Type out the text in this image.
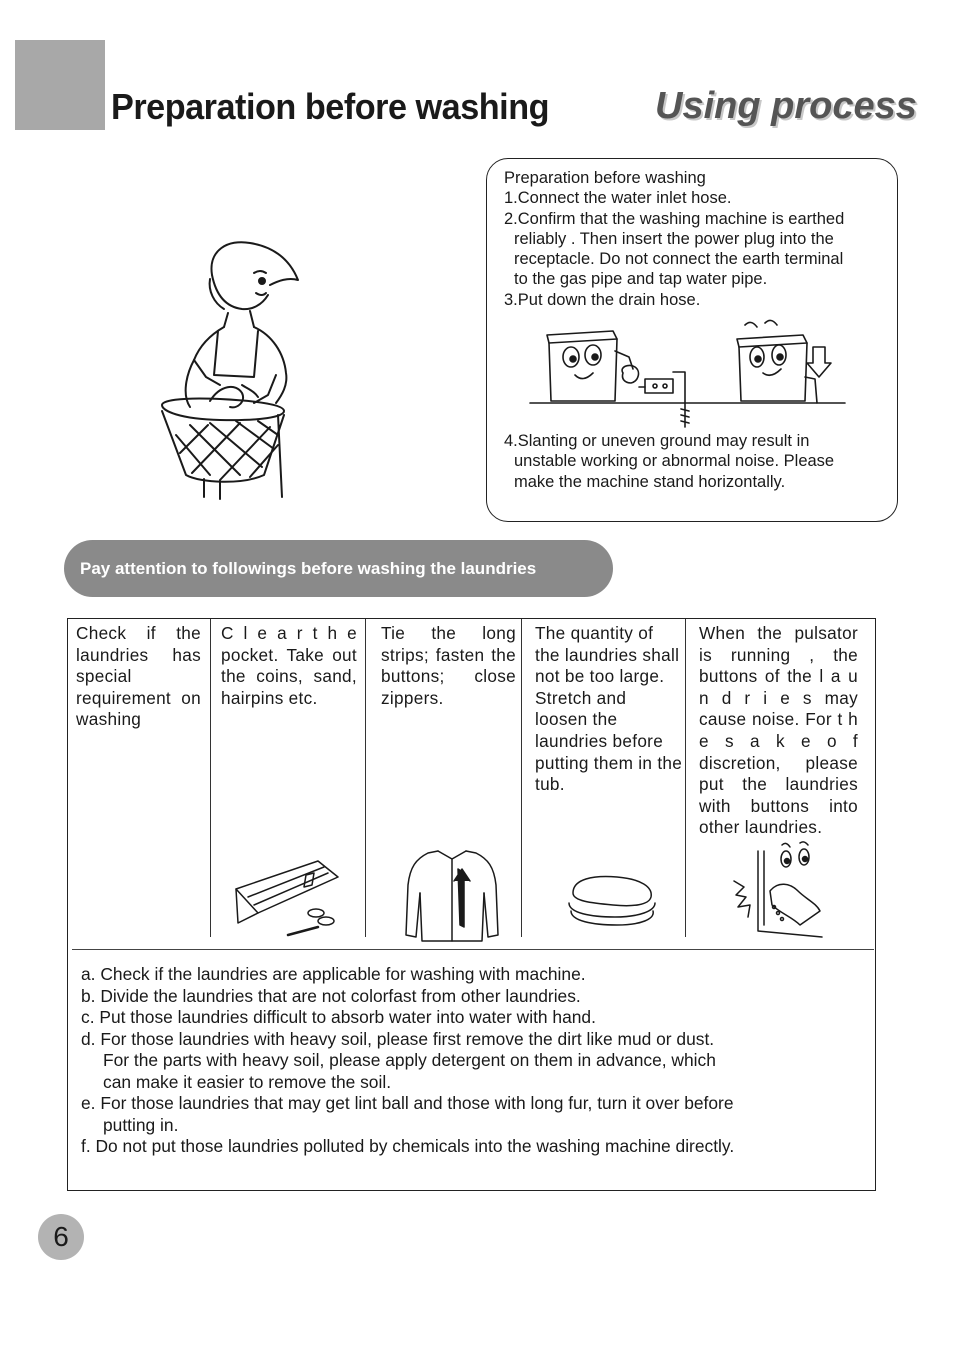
Preparation before washing	Using process
Preparation before washing
1.Connect the water inlet hose.
2.Confirm that the washing machine is earthed
reliably . Then insert the power plug into the
receptacle. Do not connect the earth terminal
to the gas pipe and tap water pipe.
3.Put down the drain hose.
4.Slanting or uneven ground may result in
unstable working or abnormal noise. Please
make the machine stand horizontally.
Pay attention to followings before washing the laundries
Check if the laundries has special requirement on washing
C l e a r t h e pocket. Take out the coins, sand, hairpins etc.
Tie the long strips; fasten the buttons; close zippers.
The quantity of the laundries shall not be too large. Stretch and loosen the laundries before putting them in the tub.
When the pulsator is running , the buttons of the l a u n d r i e s may cause noise. For t h e s a k e o f discretion, please put the laundries with buttons into other laundries.
a. Check if the laundries are applicable for washing with machine.
b. Divide the laundries that are not colorfast from other laundries.
c. Put those laundries difficult to absorb water into water with hand.
d. For those laundries with heavy soil, please first remove the dirt like mud or dust.
For the parts with heavy soil, please apply detergent on them in advance, which
can make it easier to remove the soil.
e. For those laundries that may get lint ball and those with long fur, turn it over before
putting in.
f. Do not put those laundries polluted by chemicals into the washing machine directly.
6
